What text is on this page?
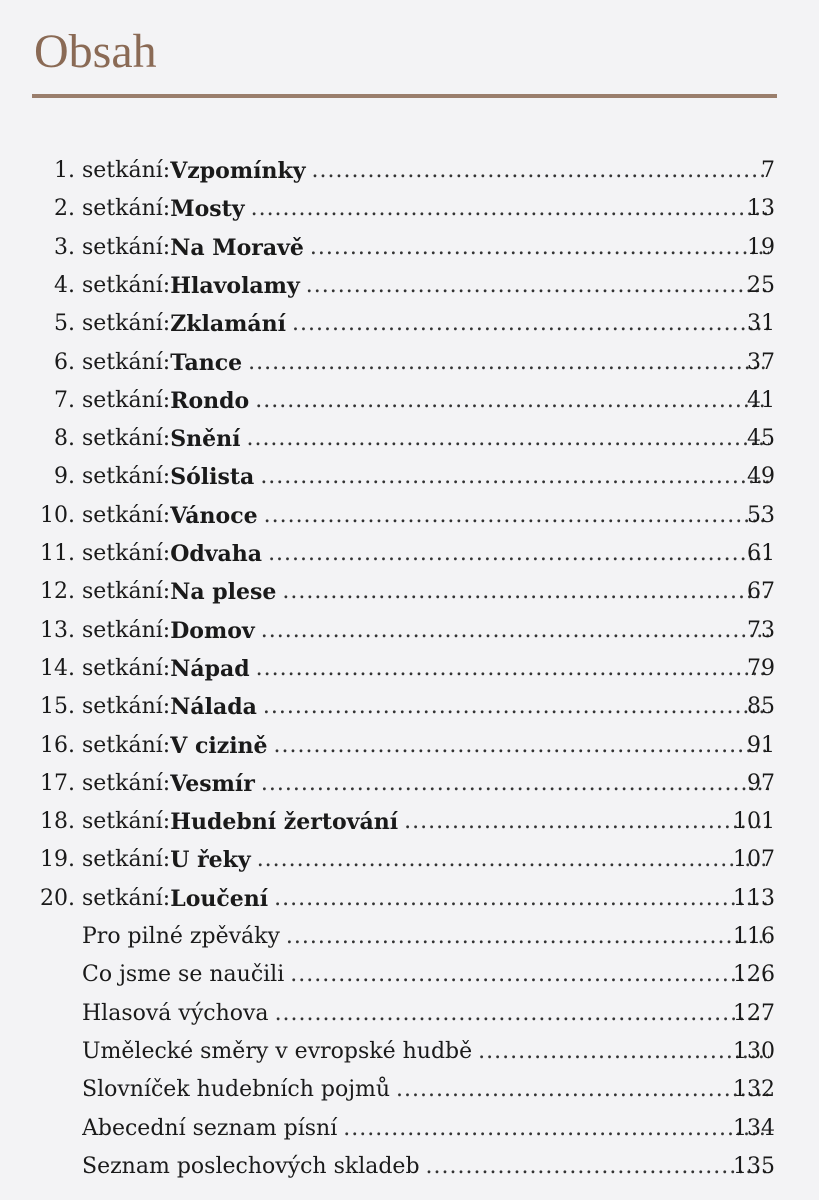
Obsah
1. setkání: Vzpomínky .....	7
2. setkání: Mosty .....	13
3. setkání: Na Moravě .....	19
4. setkání: Hlavolamy .....	25
5. setkání: Zklamání .....	31
6. setkání: Tance .....	37
7. setkání: Rondo .....	41
8. setkání: Snění .....	45
9. setkání: Sólista .....	49
10. setkání: Vánoce .....	53
11. setkání: Odvaha .....	61
12. setkání: Na plese .....	67
13. setkání: Domov .....	73
14. setkání: Nápad .....	79
15. setkání: Nálada .....	85
16. setkání: V cizině .....	91
17. setkání: Vesmír .....	97
18. setkání: Hudební žertování .....	101
19. setkání: U řeky .....	107
20. setkání: Loučení .....	113
Pro pilné zpěváky .....	116
Co jsme se naučili .....	126
Hlasová výchova .....	127
Umělecké směry v evropské hudbě .....	130
Slovníček hudebních pojmů .....	132
Abecední seznam písní .....	134
Seznam poslechových skladeb .....	135
